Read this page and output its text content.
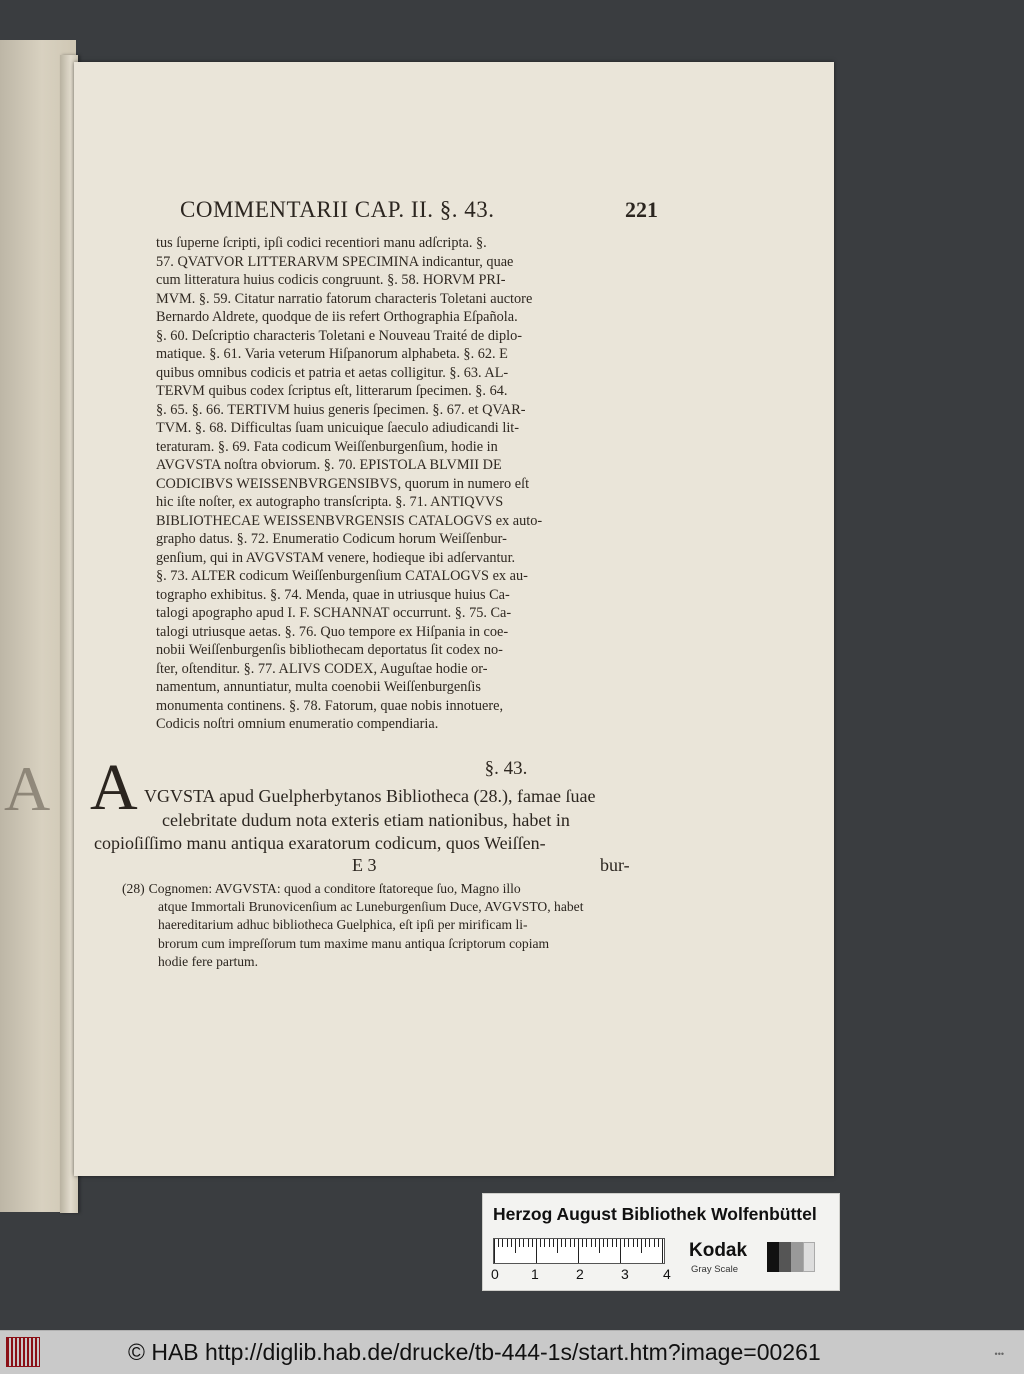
A
COMMENTARII CAP. II. §. 43.	221

tus ſuperne ſcripti, ipſi codici recentiori manu adſcripta. §.

57. QVATVOR LITTERARVM SPECIMINA indicantur, quae

cum litteratura huius codicis congruunt. §. 58. HORVM PRI-

MVM. §. 59. Citatur narratio fatorum characteris Toletani auctore

Bernardo Aldrete, quodque de iis refert Orthographia Eſpañola.

§. 60. Deſcriptio characteris Toletani e Nouveau Traité de diplo-

matique. §. 61. Varia veterum Hiſpanorum alphabeta. §. 62. E

quibus omnibus codicis et patria et aetas colligitur. §. 63. AL-

TERVM quibus codex ſcriptus eſt, litterarum ſpecimen. §. 64.

§. 65. §. 66. TERTIVM huius generis ſpecimen. §. 67. et QVAR-

TVM. §. 68. Difficultas ſuam unicuique ſaeculo adiudicandi lit-

teraturam. §. 69. Fata codicum Weiſſenburgenſium, hodie in

AVGVSTA noſtra obviorum. §. 70. EPISTOLA BLVMII DE

CODICIBVS WEISSENBVRGENSIBVS, quorum in numero eſt

hic iſte noſter, ex autographo transſcripta. §. 71. ANTIQVVS

BIBLIOTHECAE WEISSENBVRGENSIS CATALOGVS ex auto-

grapho datus. §. 72. Enumeratio Codicum horum Weiſſenbur-

genſium, qui in AVGVSTAM venere, hodieque ibi adſervantur.

§. 73. ALTER codicum Weiſſenburgenſium CATALOGVS ex au-

tographo exhibitus. §. 74. Menda, quae in utriusque huius Ca-

talogi apographo apud I. F. SCHANNAT occurrunt. §. 75. Ca-

talogi utriusque aetas. §. 76. Quo tempore ex Hiſpania in coe-

nobii Weiſſenburgenſis bibliothecam deportatus ſit codex no-

ſter, oſtenditur. §. 77. ALIVS CODEX, Auguſtae hodie or-

namentum, annuntiatur, multa coenobii Weiſſenburgenſis

monumenta continens. §. 78. Fatorum, quae nobis innotuere,

Codicis noſtri omnium enumeratio compendiaria.

§. 43.
A VGVSTA apud Guelpherbytanos Bibliotheca (28.), famae ſuae
celebritate dudum nota exteris etiam nationibus, habet in
copioſiſſimo manu antiqua exaratorum codicum, quos Weiſſen-
E 3	bur-
(28) Cognomen: AVGVSTA: quod a conditore ſtatoreque ſuo, Magno illo
atque Immortali Brunovicenſium ac Luneburgenſium Duce, AVGVSTO, habet
haereditarium adhuc bibliotheca Guelphica, eſt ipſi per mirificam li-
brorum cum impreſſorum tum maxime manu antiqua ſcriptorum copiam
hodie fere partum.
Herzog August Bibliothek Wolfenbüttel
0 1	2	3 4
Kodak
Gray Scale
© HAB http://diglib.hab.de/drucke/tb-444-1s/start.htm?image=00261	•••
